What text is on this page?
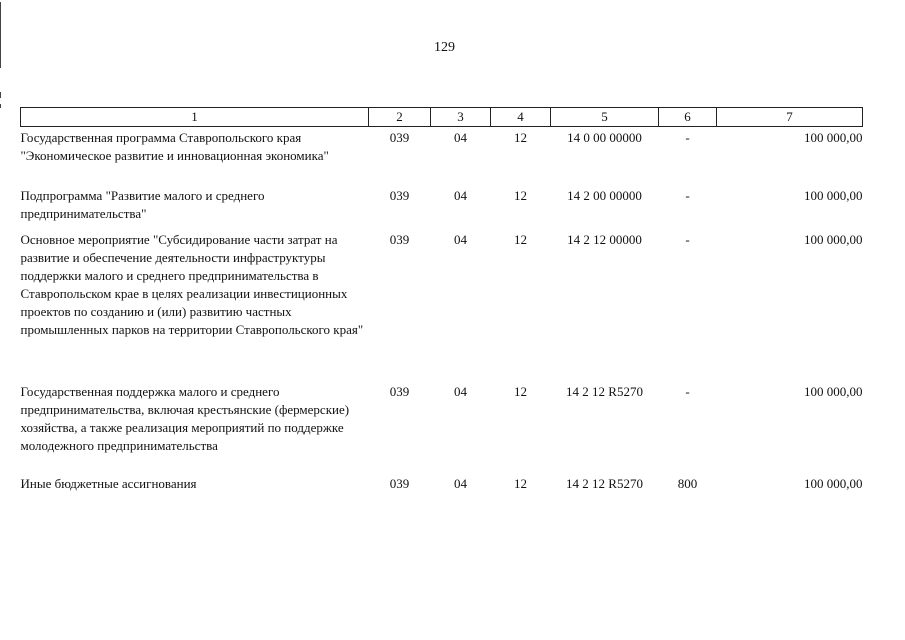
129
1	2	3	4	5	6	7
Государственная программа Ставропольского края "Экономическое развитие и инновационная экономика"	039	04	12	14 0 00 00000	-	100 000,00
Подпрограмма "Развитие малого и среднего предпринимательства"	039	04	12	14 2 00 00000	-	100 000,00
Основное мероприятие "Субсидирование части затрат на развитие и обеспечение деятельности инфраструктуры поддержки малого и среднего предпринимательства в Ставропольском крае в целях реализации инвестиционных проектов по созданию и (или) развитию частных промышленных парков на территории Ставропольского края"	039	04	12	14 2 12 00000	-	100 000,00
Государственная поддержка малого и среднего предпринимательства, включая крестьянские (фермерские) хозяйства, а также реализация мероприятий по поддержке молодежного предпринимательства	039	04	12	14 2 12 R5270	-	100 000,00
Иные бюджетные ассигнования	039	04	12	14 2 12 R5270	800	100 000,00
